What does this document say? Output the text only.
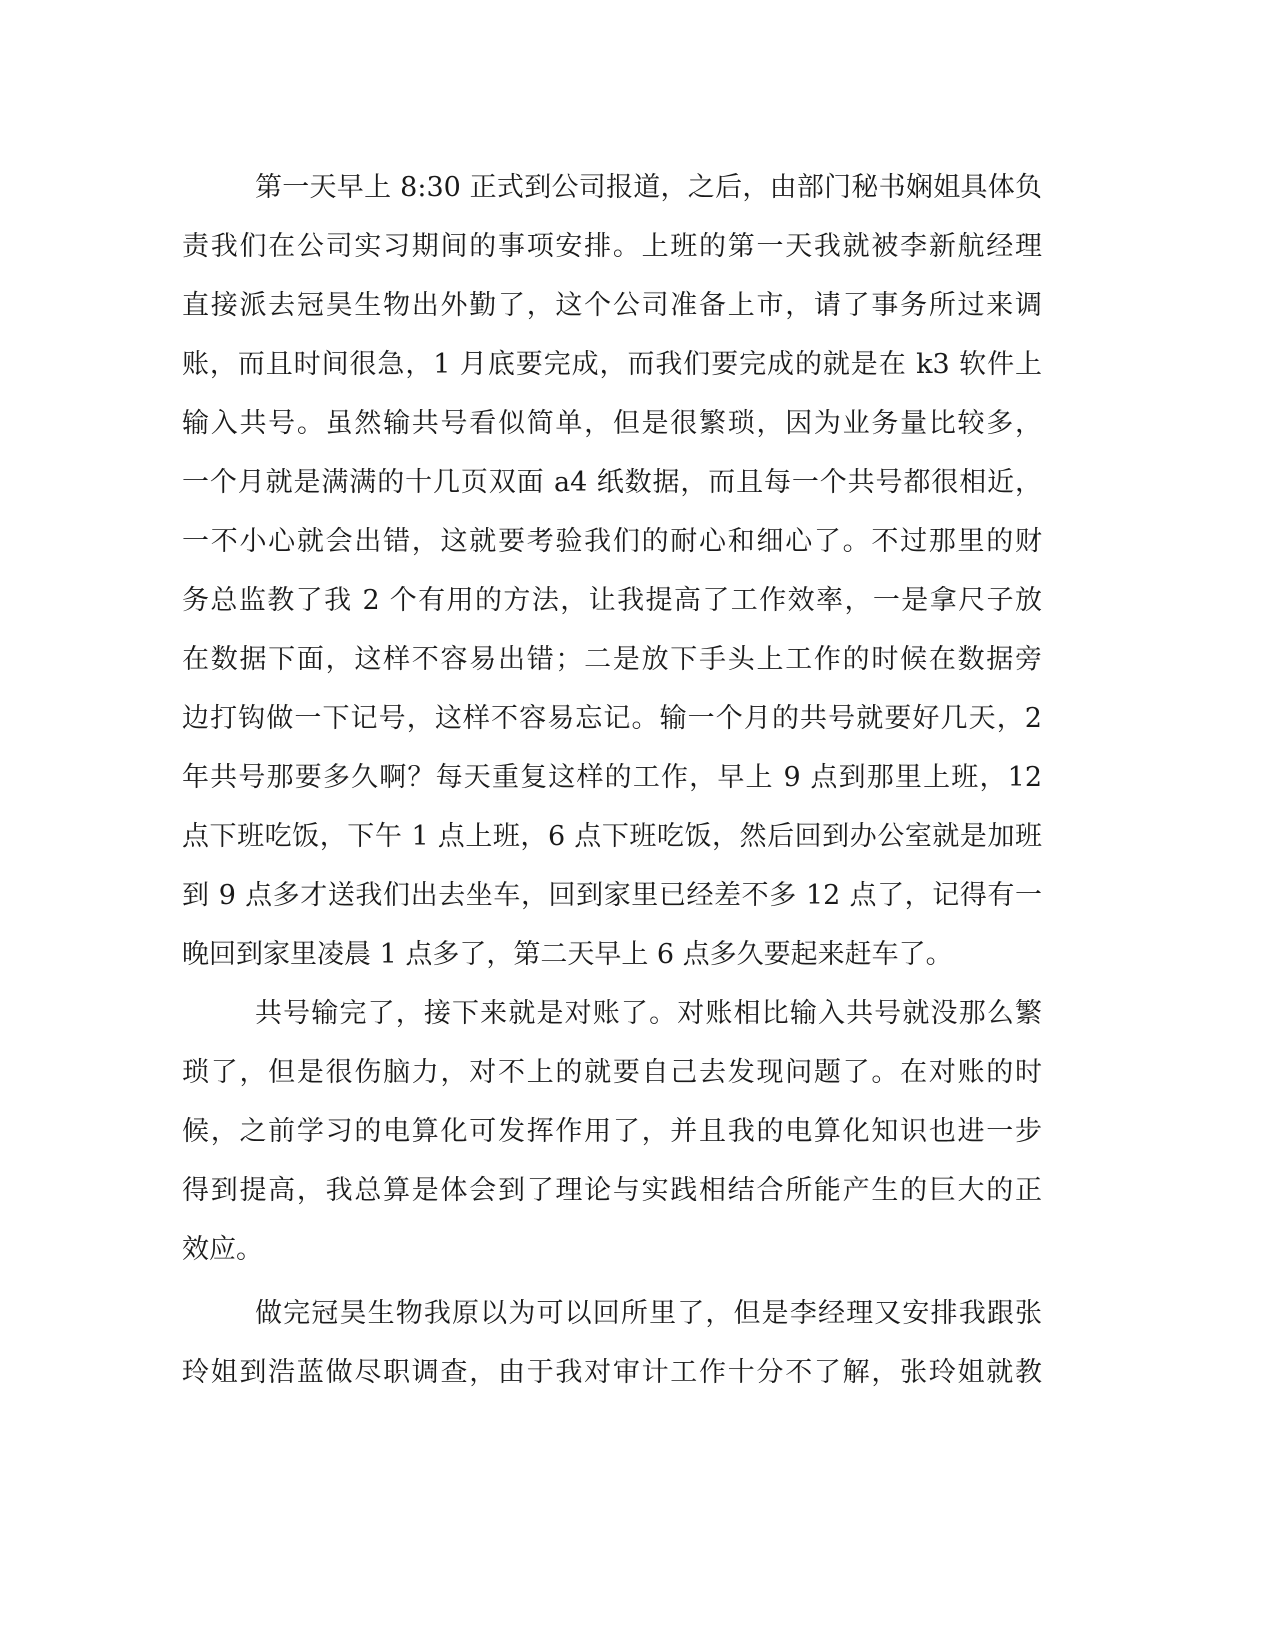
第一天早上 8:30 正式到公司报道，之后，由部门秘书娴姐具体负
责我们在公司实习期间的事项安排。上班的第一天我就被李新航经理
直接派去冠昊生物出外勤了，这个公司准备上市，请了事务所过来调
账，而且时间很急，1 月底要完成，而我们要完成的就是在 k3 软件上
输入共号。虽然输共号看似简单，但是很繁琐，因为业务量比较多，
一个月就是满满的十几页双面 a4 纸数据，而且每一个共号都很相近，
一不小心就会出错，这就要考验我们的耐心和细心了。不过那里的财
务总监教了我 2 个有用的方法，让我提高了工作效率，一是拿尺子放
在数据下面，这样不容易出错；二是放下手头上工作的时候在数据旁
边打钩做一下记号，这样不容易忘记。输一个月的共号就要好几天，2
年共号那要多久啊？每天重复这样的工作，早上 9 点到那里上班，12
点下班吃饭，下午 1 点上班，6 点下班吃饭，然后回到办公室就是加班
到 9 点多才送我们出去坐车，回到家里已经差不多 12 点了，记得有一
晚回到家里凌晨 1 点多了，第二天早上 6 点多久要起来赶车了。
共号输完了，接下来就是对账了。对账相比输入共号就没那么繁
琐了，但是很伤脑力，对不上的就要自己去发现问题了。在对账的时
候，之前学习的电算化可发挥作用了，并且我的电算化知识也进一步
得到提高，我总算是体会到了理论与实践相结合所能产生的巨大的正
效应。
做完冠昊生物我原以为可以回所里了，但是李经理又安排我跟张
玲姐到浩蓝做尽职调查，由于我对审计工作十分不了解，张玲姐就教
